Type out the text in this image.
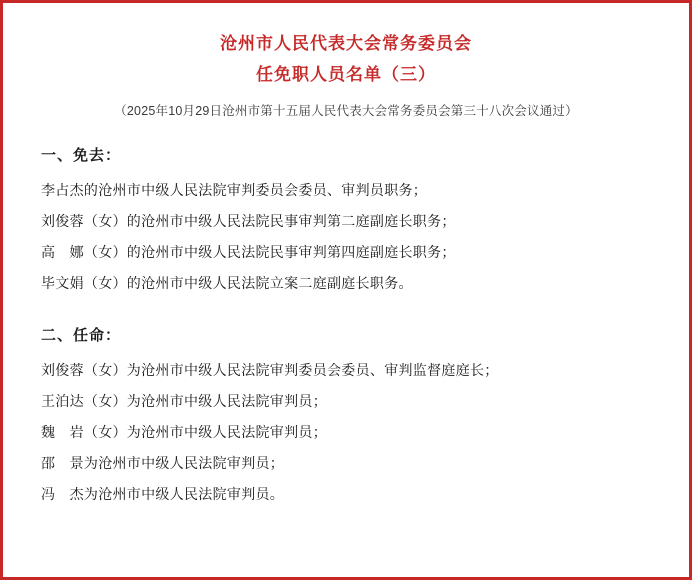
沧州市人民代表大会常务委员会
任免职人员名单（三）
（2025年10月29日沧州市第十五届人民代表大会常务委员会第三十八次会议通过）
一、免去：
李占杰的沧州市中级人民法院审判委员会委员、审判员职务；
刘俊蓉（女）的沧州市中级人民法院民事审判第二庭副庭长职务；
高　娜（女）的沧州市中级人民法院民事审判第四庭副庭长职务；
毕文娟（女）的沧州市中级人民法院立案二庭副庭长职务。
二、任命：
刘俊蓉（女）为沧州市中级人民法院审判委员会委员、审判监督庭庭长；
王泊达（女）为沧州市中级人民法院审判员；
魏　岩（女）为沧州市中级人民法院审判员；
邵　景为沧州市中级人民法院审判员；
冯　杰为沧州市中级人民法院审判员。
